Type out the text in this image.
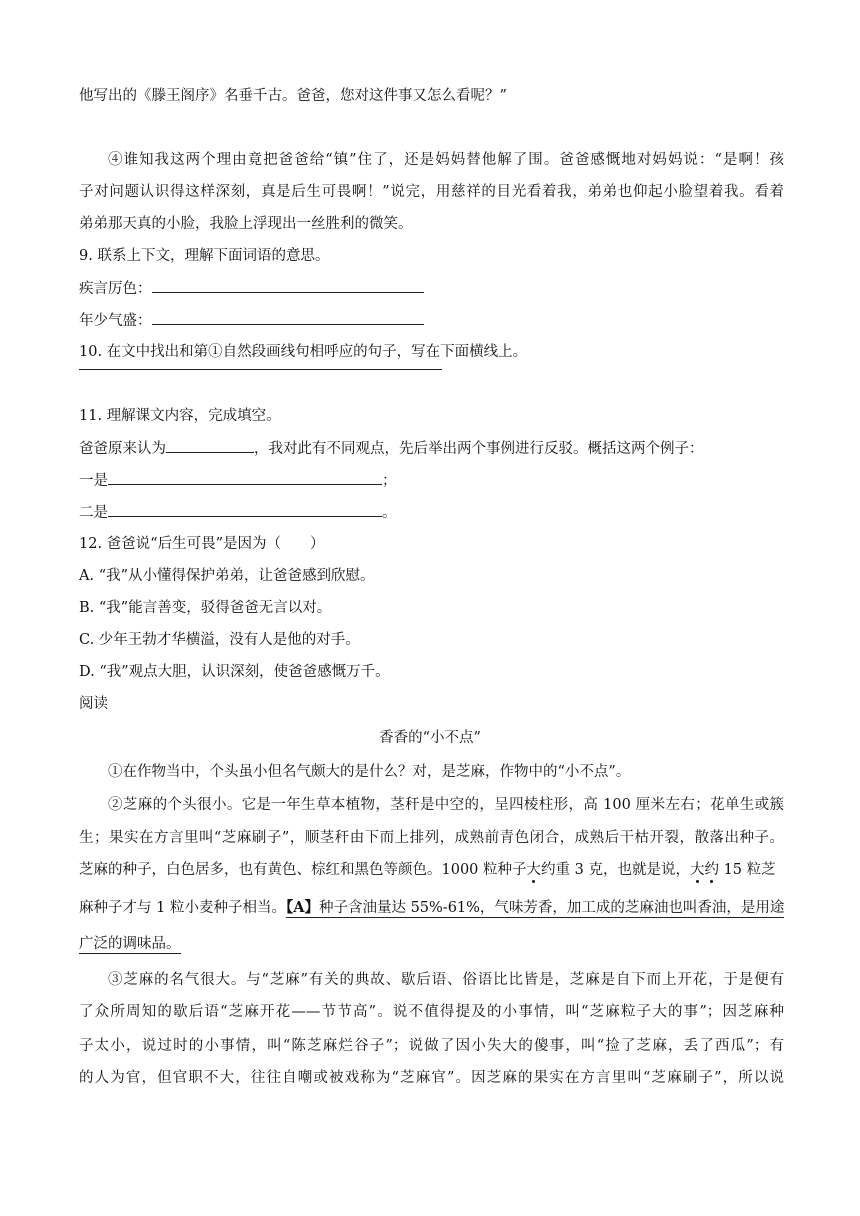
他写出的《滕王阁序》名垂千古。爸爸，您对这件事又怎么看呢？”
④谁知我这两个理由竟把爸爸给“镇”住了，还是妈妈替他解了围。爸爸感慨地对妈妈说：“是啊！孩
子对问题认识得这样深刻，真是后生可畏啊！”说完，用慈祥的目光看着我，弟弟也仰起小脸望着我。看着
弟弟那天真的小脸，我脸上浮现出一丝胜利的微笑。
9. 联系上下文，理解下面词语的意思。
疾言厉色：
年少气盛：
10. 在文中找出和第①自然段画线句相呼应的句子，写在下面横线上。
11. 理解课文内容，完成填空。
爸爸原来认为	，我对此有不同观点，先后举出两个事例进行反驳。概括这两个例子：
一是	；
二是	。
12. 爸爸说“后生可畏”是因为（　　）
A. “我”从小懂得保护弟弟，让爸爸感到欣慰。
B. “我”能言善变，驳得爸爸无言以对。
C. 少年王勃才华横溢，没有人是他的对手。
D. “我”观点大胆，认识深刻，使爸爸感慨万千。
阅读
香香的“小不点”
①在作物当中，个头虽小但名气颇大的是什么？对，是芝麻，作物中的“小不点”。
②芝麻的个头很小。它是一年生草本植物，茎秆是中空的，呈四棱柱形，高 100 厘米左右；花单生或簇
生；果实在方言里叫“芝麻刷子”，顺茎秆由下而上排列，成熟前青色闭合，成熟后干枯开裂，散落出种子。
芝麻的种子，白色居多，也有黄色、棕红和黑色等颜色。1000 粒种子大约重 3 克，也就是说，大约 15 粒芝
麻种子才与 1 粒小麦种子相当。【A】种子含油量达 55%-61%，气味芳香，加工成的芝麻油也叫香油，是用途
广泛的调味品。
③芝麻的名气很大。与“芝麻”有关的典故、歇后语、俗语比比皆是，芝麻是自下而上开花，于是便有
了众所周知的歇后语“芝麻开花——节节高”。说不值得提及的小事情，叫“芝麻粒子大的事”；因芝麻种
子太小，说过时的小事情，叫“陈芝麻烂谷子”；说做了因小失大的傻事，叫“捡了芝麻，丢了西瓜”；有
的人为官，但官职不大，往往自嘲或被戏称为“芝麻官”。因芝麻的果实在方言里叫“芝麻刷子”，所以说
